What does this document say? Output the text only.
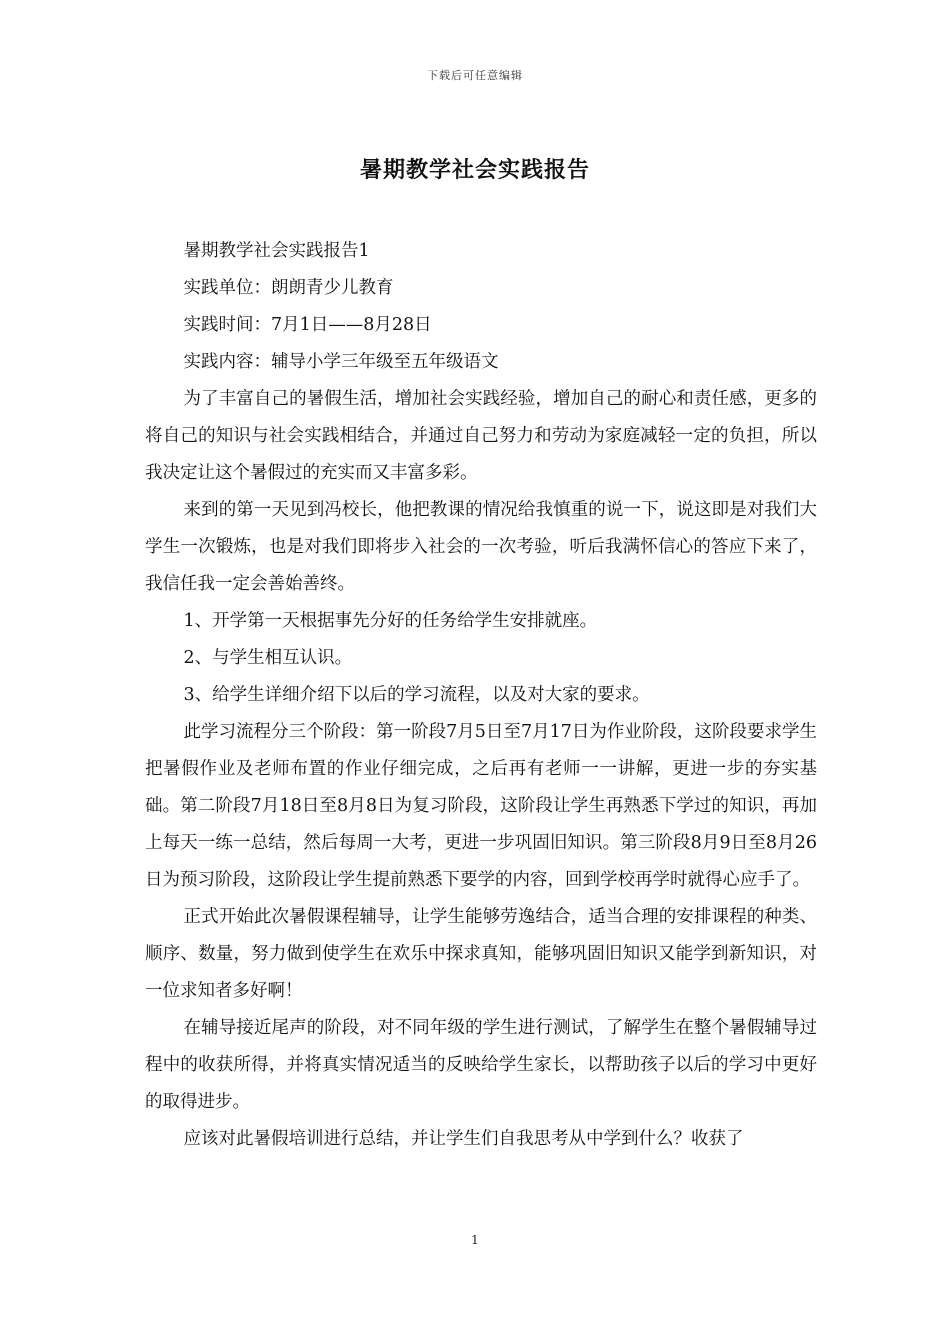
下载后可任意编辑
暑期教学社会实践报告

暑期教学社会实践报告1

实践单位：朗朗青少儿教育

实践时间：7月1日——8月28日

实践内容：辅导小学三年级至五年级语文

为了丰富自己的暑假生活，增加社会实践经验，增加自己的耐心和责任感，更多的将自己的知识与社会实践相结合，并通过自己努力和劳动为家庭减轻一定的负担，所以我决定让这个暑假过的充实而又丰富多彩。

来到的第一天见到冯校长，他把教课的情况给我慎重的说一下，说这即是对我们大学生一次锻炼，也是对我们即将步入社会的一次考验，听后我满怀信心的答应下来了，我信任我一定会善始善终。

1、开学第一天根据事先分好的任务给学生安排就座。

2、与学生相互认识。

3、给学生详细介绍下以后的学习流程，以及对大家的要求。

此学习流程分三个阶段：第一阶段7月5日至7月17日为作业阶段，这阶段要求学生把暑假作业及老师布置的作业仔细完成，之后再有老师一一讲解，更进一步的夯实基础。第二阶段7月18日至8月8日为复习阶段，这阶段让学生再熟悉下学过的知识，再加上每天一练一总结，然后每周一大考，更进一步巩固旧知识。第三阶段8月9日至8月26日为预习阶段，这阶段让学生提前熟悉下要学的内容，回到学校再学时就得心应手了。

正式开始此次暑假课程辅导，让学生能够劳逸结合，适当合理的安排课程的种类、顺序、数量，努力做到使学生在欢乐中探求真知，能够巩固旧知识又能学到新知识，对一位求知者多好啊！

在辅导接近尾声的阶段，对不同年级的学生进行测试，了解学生在整个暑假辅导过程中的收获所得，并将真实情况适当的反映给学生家长，以帮助孩子以后的学习中更好的取得进步。

应该对此暑假培训进行总结，并让学生们自我思考从中学到什么？收获了

1
